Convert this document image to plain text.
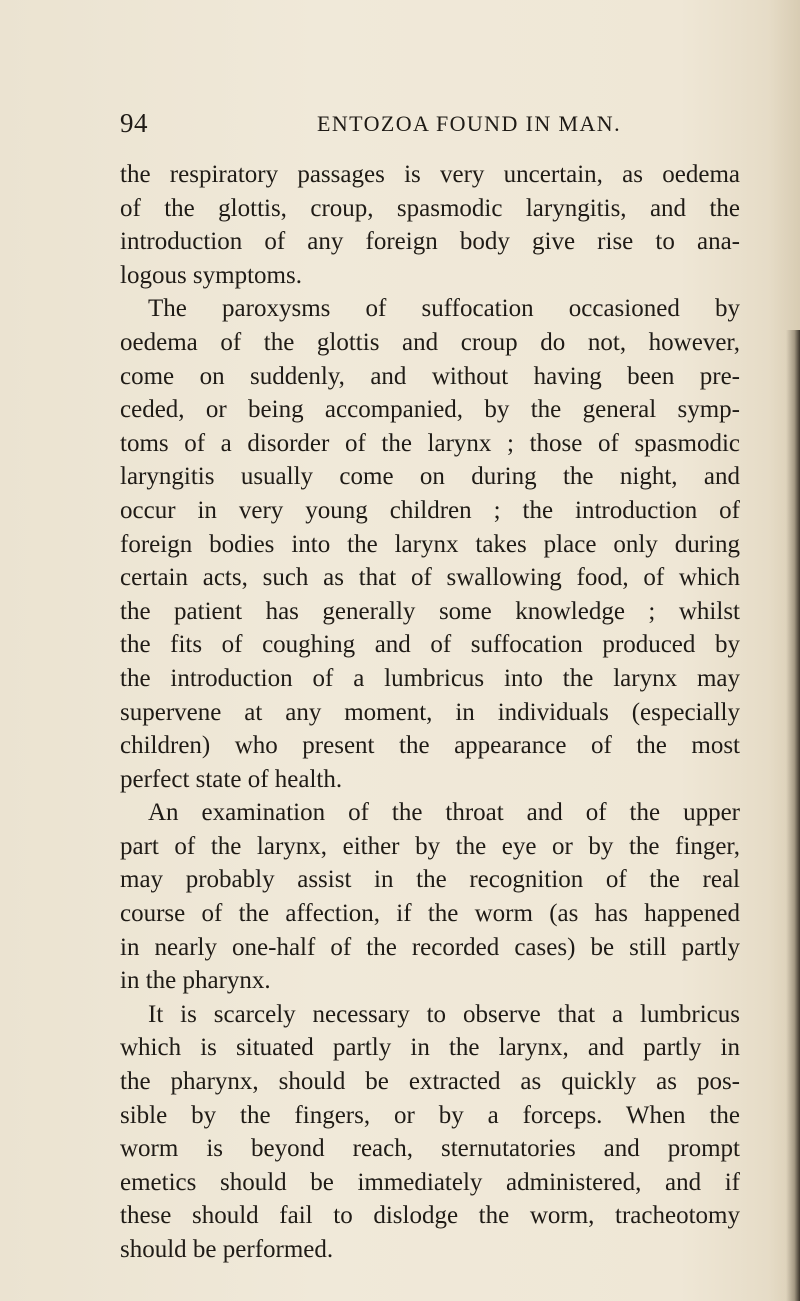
94	ENTOZOA FOUND IN MAN.
the respiratory passages is very uncertain, as oedema
of the glottis, croup, spasmodic laryngitis, and the
introduction of any foreign body give rise to ana-
logous symptoms.
The paroxysms of suffocation occasioned by
oedema of the glottis and croup do not, however,
come on suddenly, and without having been pre-
ceded, or being accompanied, by the general symp-
toms of a disorder of the larynx ; those of spasmodic
laryngitis usually come on during the night, and
occur in very young children ; the introduction of
foreign bodies into the larynx takes place only during
certain acts, such as that of swallowing food, of which
the patient has generally some knowledge ; whilst
the fits of coughing and of suffocation produced by
the introduction of a lumbricus into the larynx may
supervene at any moment, in individuals (especially
children) who present the appearance of the most
perfect state of health.
An examination of the throat and of the upper
part of the larynx, either by the eye or by the finger,
may probably assist in the recognition of the real
course of the affection, if the worm (as has happened
in nearly one-half of the recorded cases) be still partly
in the pharynx.
It is scarcely necessary to observe that a lumbricus
which is situated partly in the larynx, and partly in
the pharynx, should be extracted as quickly as pos-
sible by the fingers, or by a forceps. When the
worm is beyond reach, sternutatories and prompt
emetics should be immediately administered, and if
these should fail to dislodge the worm, tracheotomy
should be performed.
